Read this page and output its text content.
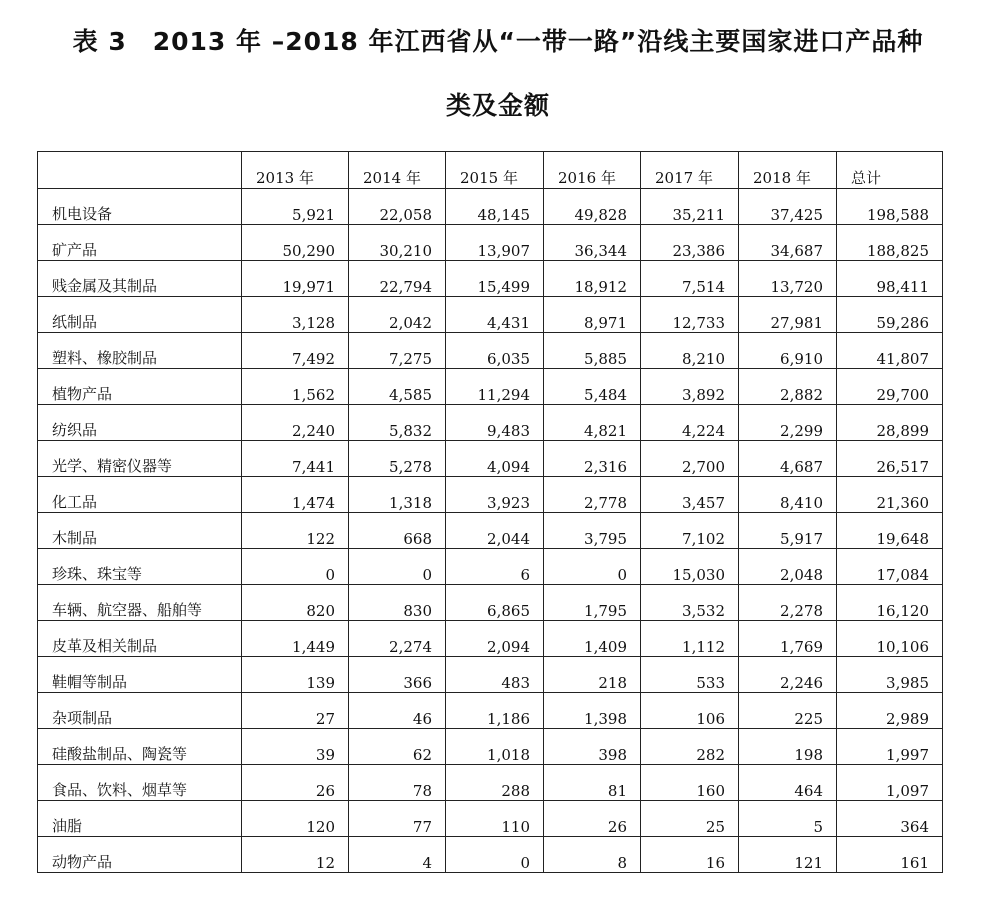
表 3　2013 年 –2018 年江西省从“一带一路”沿线主要国家进口产品种
类及金额
	2013 年	2014 年	2015 年	2016 年	2017 年	2018 年	总计
机电设备	5,921	22,058	48,145	49,828	35,211	37,425	198,588
矿产品	50,290	30,210	13,907	36,344	23,386	34,687	188,825
贱金属及其制品	19,971	22,794	15,499	18,912	7,514	13,720	98,411
纸制品	3,128	2,042	4,431	8,971	12,733	27,981	59,286
塑料、橡胶制品	7,492	7,275	6,035	5,885	8,210	6,910	41,807
植物产品	1,562	4,585	11,294	5,484	3,892	2,882	29,700
纺织品	2,240	5,832	9,483	4,821	4,224	2,299	28,899
光学、精密仪器等	7,441	5,278	4,094	2,316	2,700	4,687	26,517
化工品	1,474	1,318	3,923	2,778	3,457	8,410	21,360
木制品	122	668	2,044	3,795	7,102	5,917	19,648
珍珠、珠宝等	0	0	6	0	15,030	2,048	17,084
车辆、航空器、船舶等	820	830	6,865	1,795	3,532	2,278	16,120
皮革及相关制品	1,449	2,274	2,094	1,409	1,112	1,769	10,106
鞋帽等制品	139	366	483	218	533	2,246	3,985
杂项制品	27	46	1,186	1,398	106	225	2,989
硅酸盐制品、陶瓷等	39	62	1,018	398	282	198	1,997
食品、饮料、烟草等	26	78	288	81	160	464	1,097
油脂	120	77	110	26	25	5	364
动物产品	12	4	0	8	16	121	161
